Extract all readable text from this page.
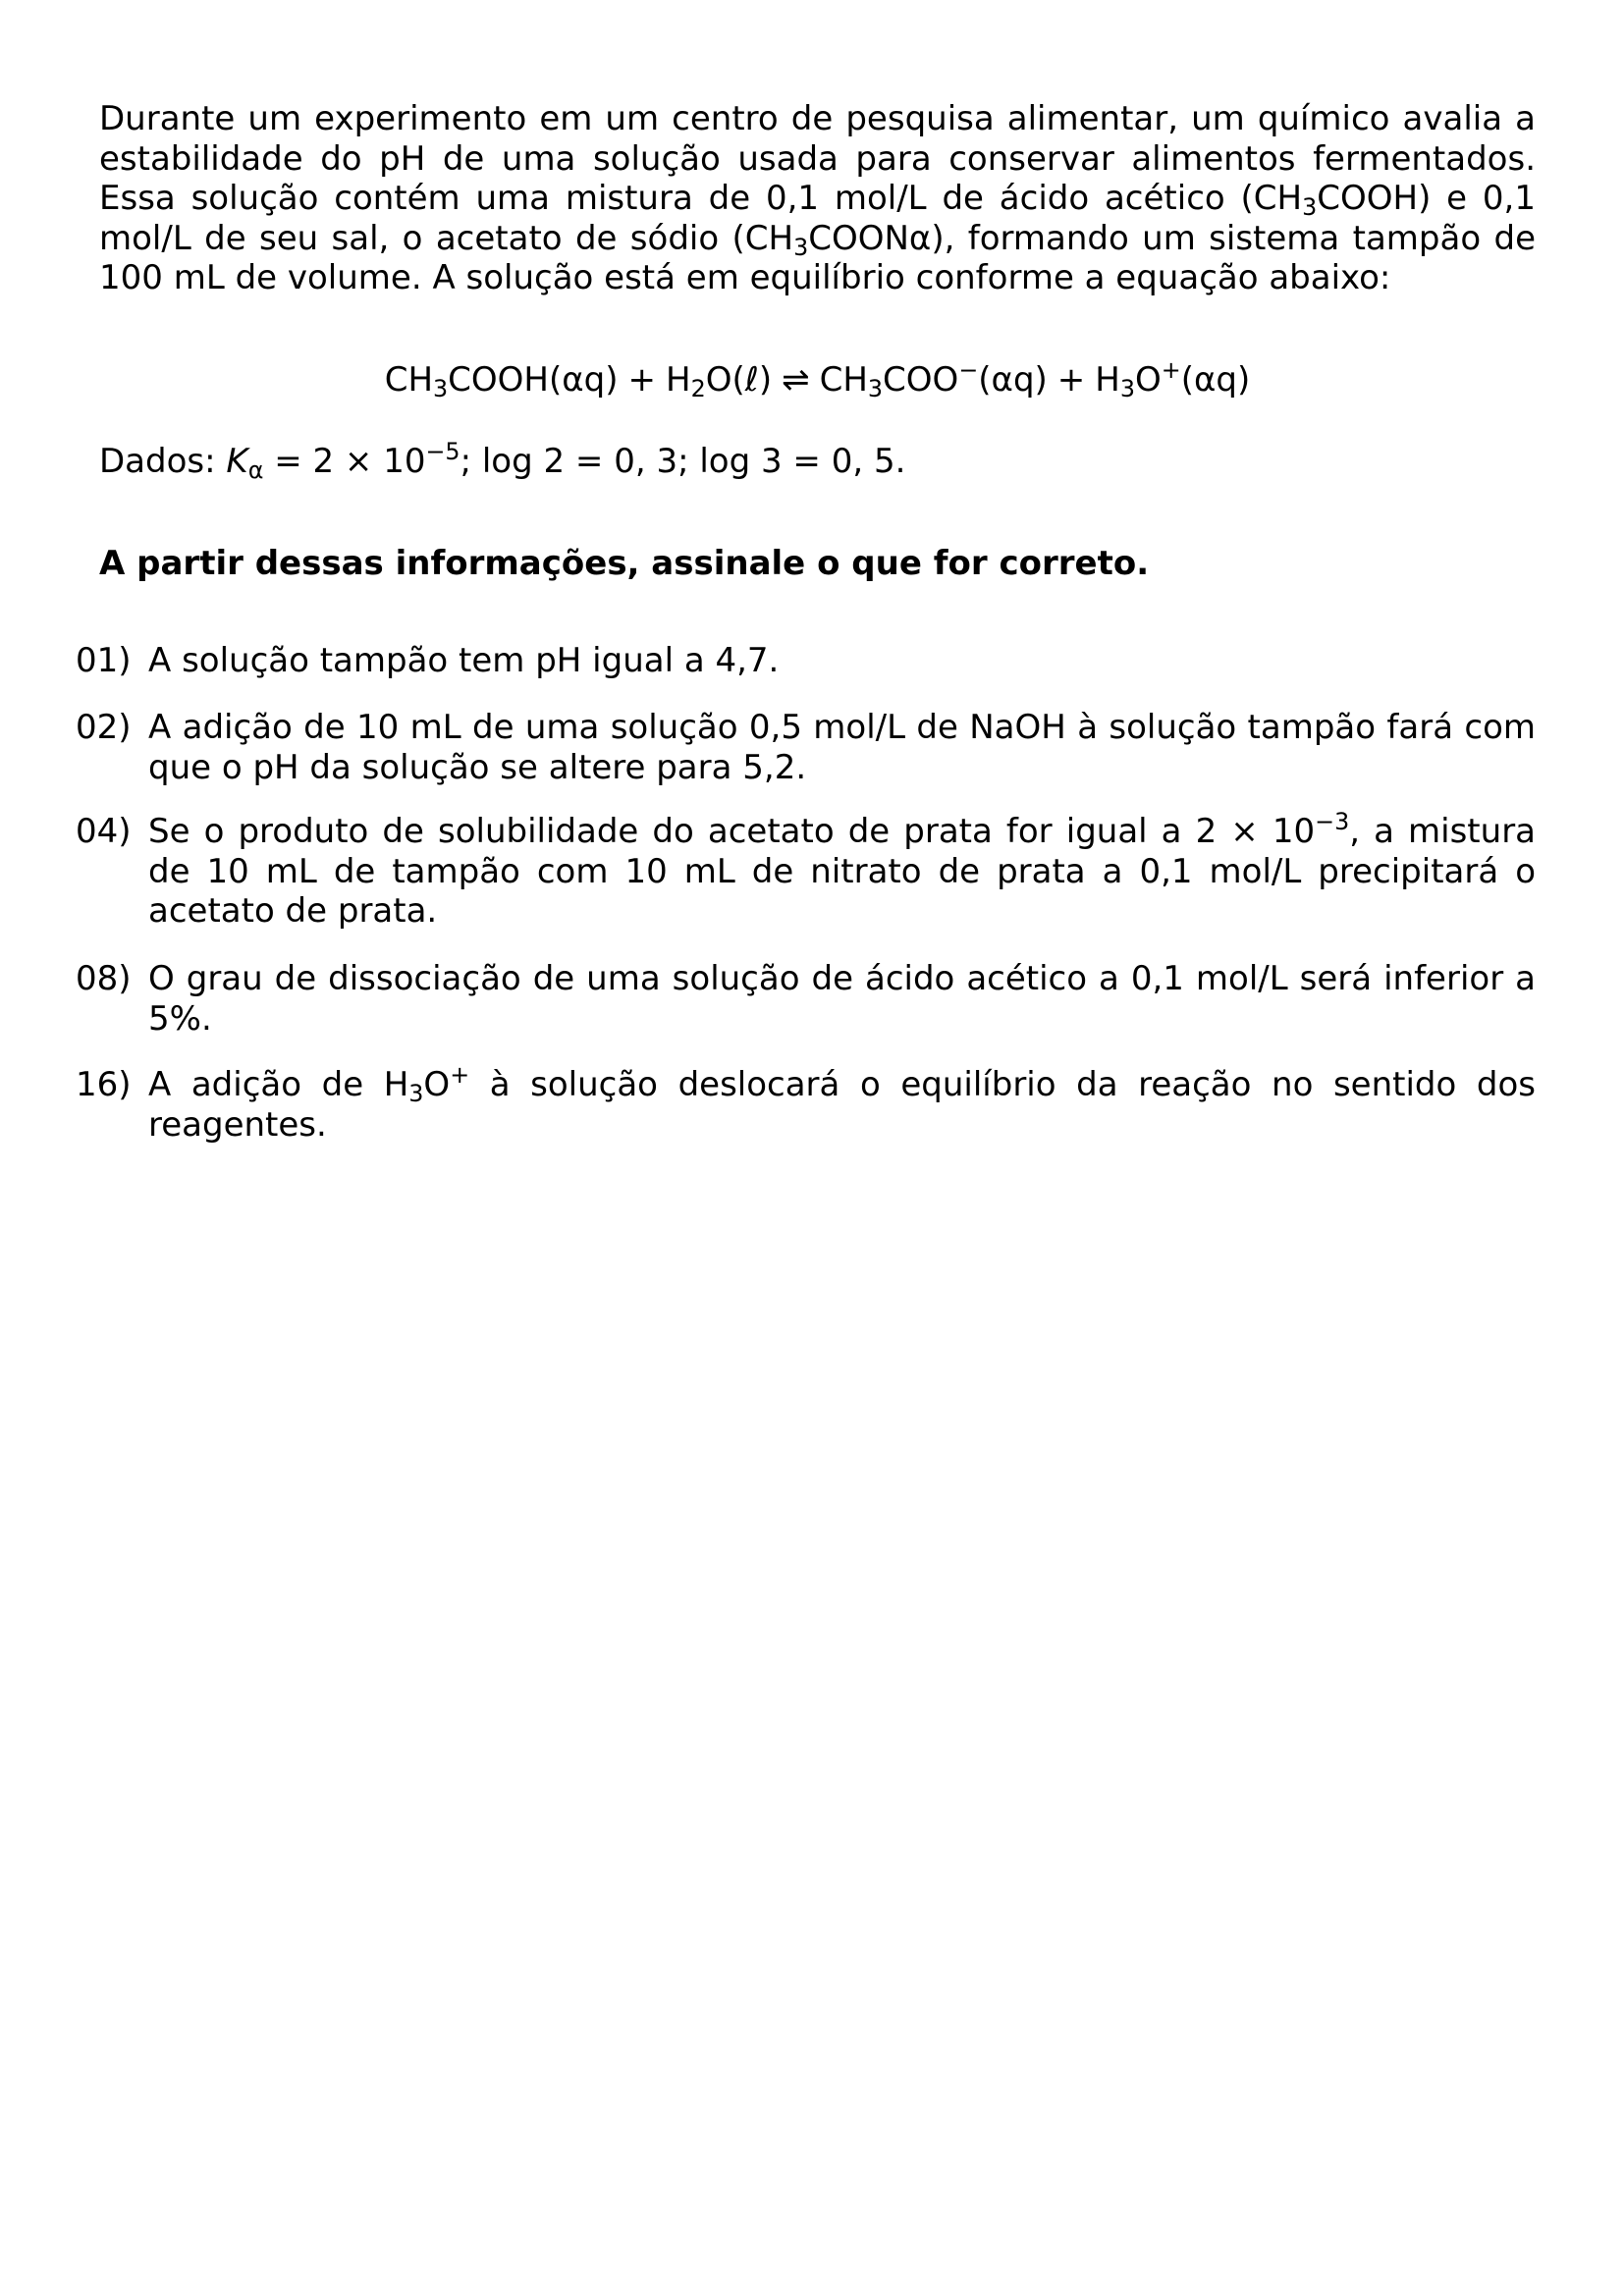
Durante um experimento em um centro de pesquisa alimentar, um químico avalia a estabilidade do pH de uma solução usada para conservar alimentos fermentados. Essa solução contém uma mistura de 0,1 mol/L de ácido acético $(CH_3COOH)$ e 0,1 mol/L de seu sal, o acetato de sódio $(CH_3COON\alpha)$, formando um sistema tampão de 100 mL de volume. A solução está em equilíbrio conforme a equação abaixo:

$CH_3COOH(\alpha q)$ + $H_2O(\ell)$ ⇌ $CH_3COO^-(\alpha q) + H_3O^+(\alpha q)$
Dados: $K_\alpha = 2 \times 10^{-5}$; log 2 = 0, 3; log 3 = 0, 5.
A partir dessas informações, assinale o que for correto.
01) A solução tampão tem pH igual a 4,7.
02) A adição de 10 mL de uma solução 0,5 mol/L de NaOH à solução tampão fará com que o pH da solução se altere para 5,2.
04) Se o produto de solubilidade do acetato de prata for igual a $2 \times 10^{-3}$, a mistura de 10 mL de tampão com 10 mL de nitrato de prata a 0,1 mol/L precipitará o acetato de prata.
08) O grau de dissociação de uma solução de ácido acético a 0,1 mol/L será inferior a 5%.
16) A adição de $H_3O^+$ à solução deslocará o equilíbrio da reação no sentido dos reagentes.
